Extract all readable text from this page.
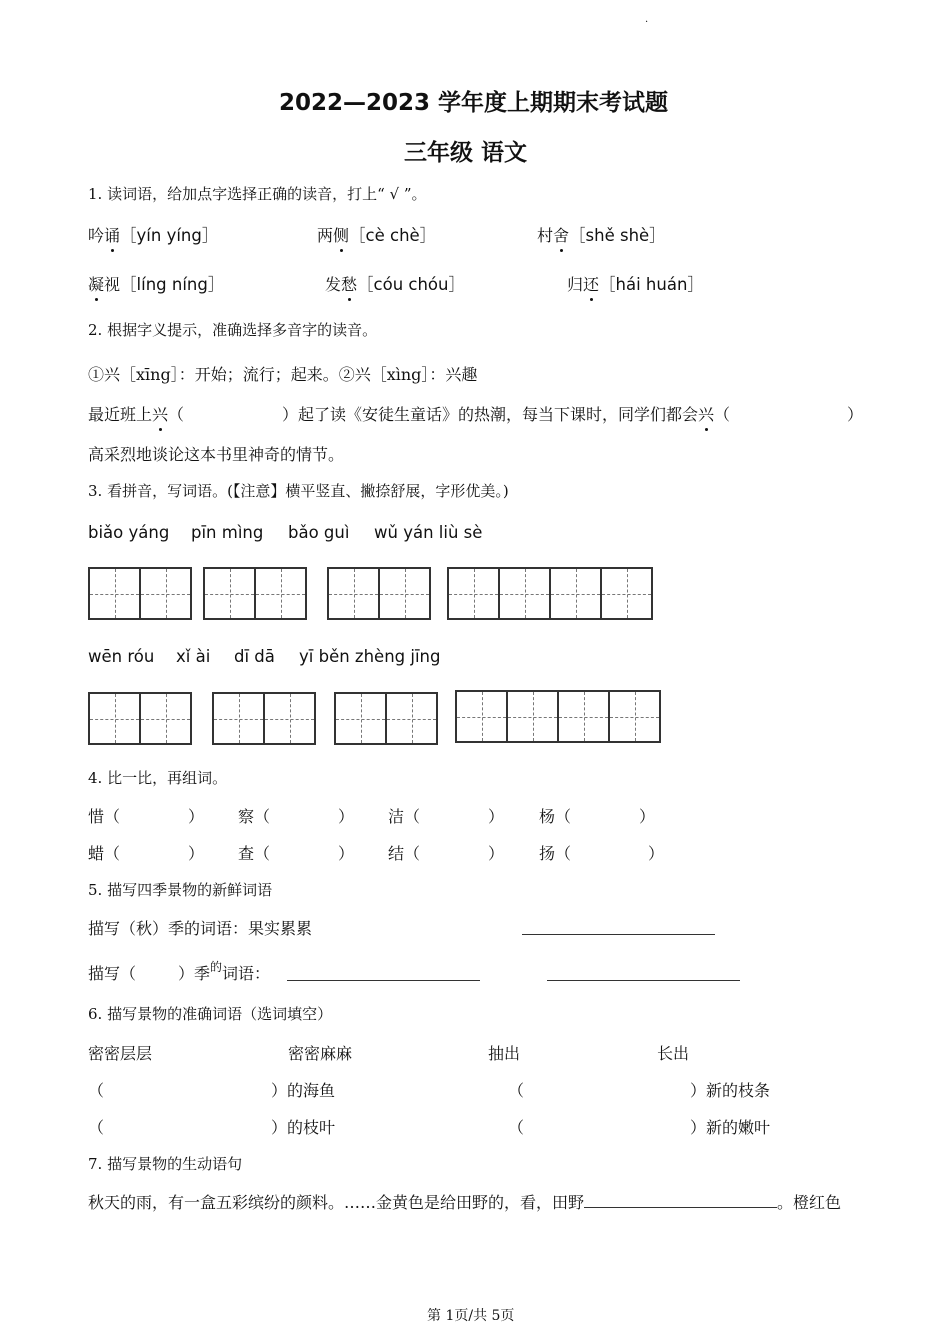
.
2022—2023 学年度上期期末考试题
三年级 语文
1. 读词语，给加点字选择正确的读音，打上“ √ ”。
吟诵［yín yíng］	两侧［cè chè］	村舍［shě shè］
凝视［líng níng］	发愁［cóu chóu］	归还［hái huán］
2. 根据字义提示，准确选择多音字的读音。
①兴［xīng］：开始；流行；起来。②兴［xìng］：兴趣
最近班上兴（	）起了读《安徒生童话》的热潮，每当下课时，同学们都会兴（	）
高采烈地谈论这本书里神奇的情节。
3. 看拼音，写词语。(【注意】横平竖直、撇捺舒展，字形优美。)
biǎo yáng pīn mìng bǎo guì wǔ yán liù sè
wēn róu xǐ ài dī dā yī běn zhèng jīng
4. 比一比，再组词。
惜（	） 察（	） 洁（	） 杨（	）
蜡（	） 查（	） 结（	） 扬（	）
5. 描写四季景物的新鲜词语
描写（秋）季的词语：果实累累
描写（	）季$^的$词语：
6. 描写景物的准确词语（选词填空）
密密层层	密密麻麻	抽出	长出
（	）的海鱼	（	）新的枝条
（	）的枝叶	（	）新的嫩叶
7. 描写景物的生动语句
秋天的雨，有一盒五彩缤纷的颜料。……金黄色是给田野的，看，田野	。橙红色
第 1页/共 5页
